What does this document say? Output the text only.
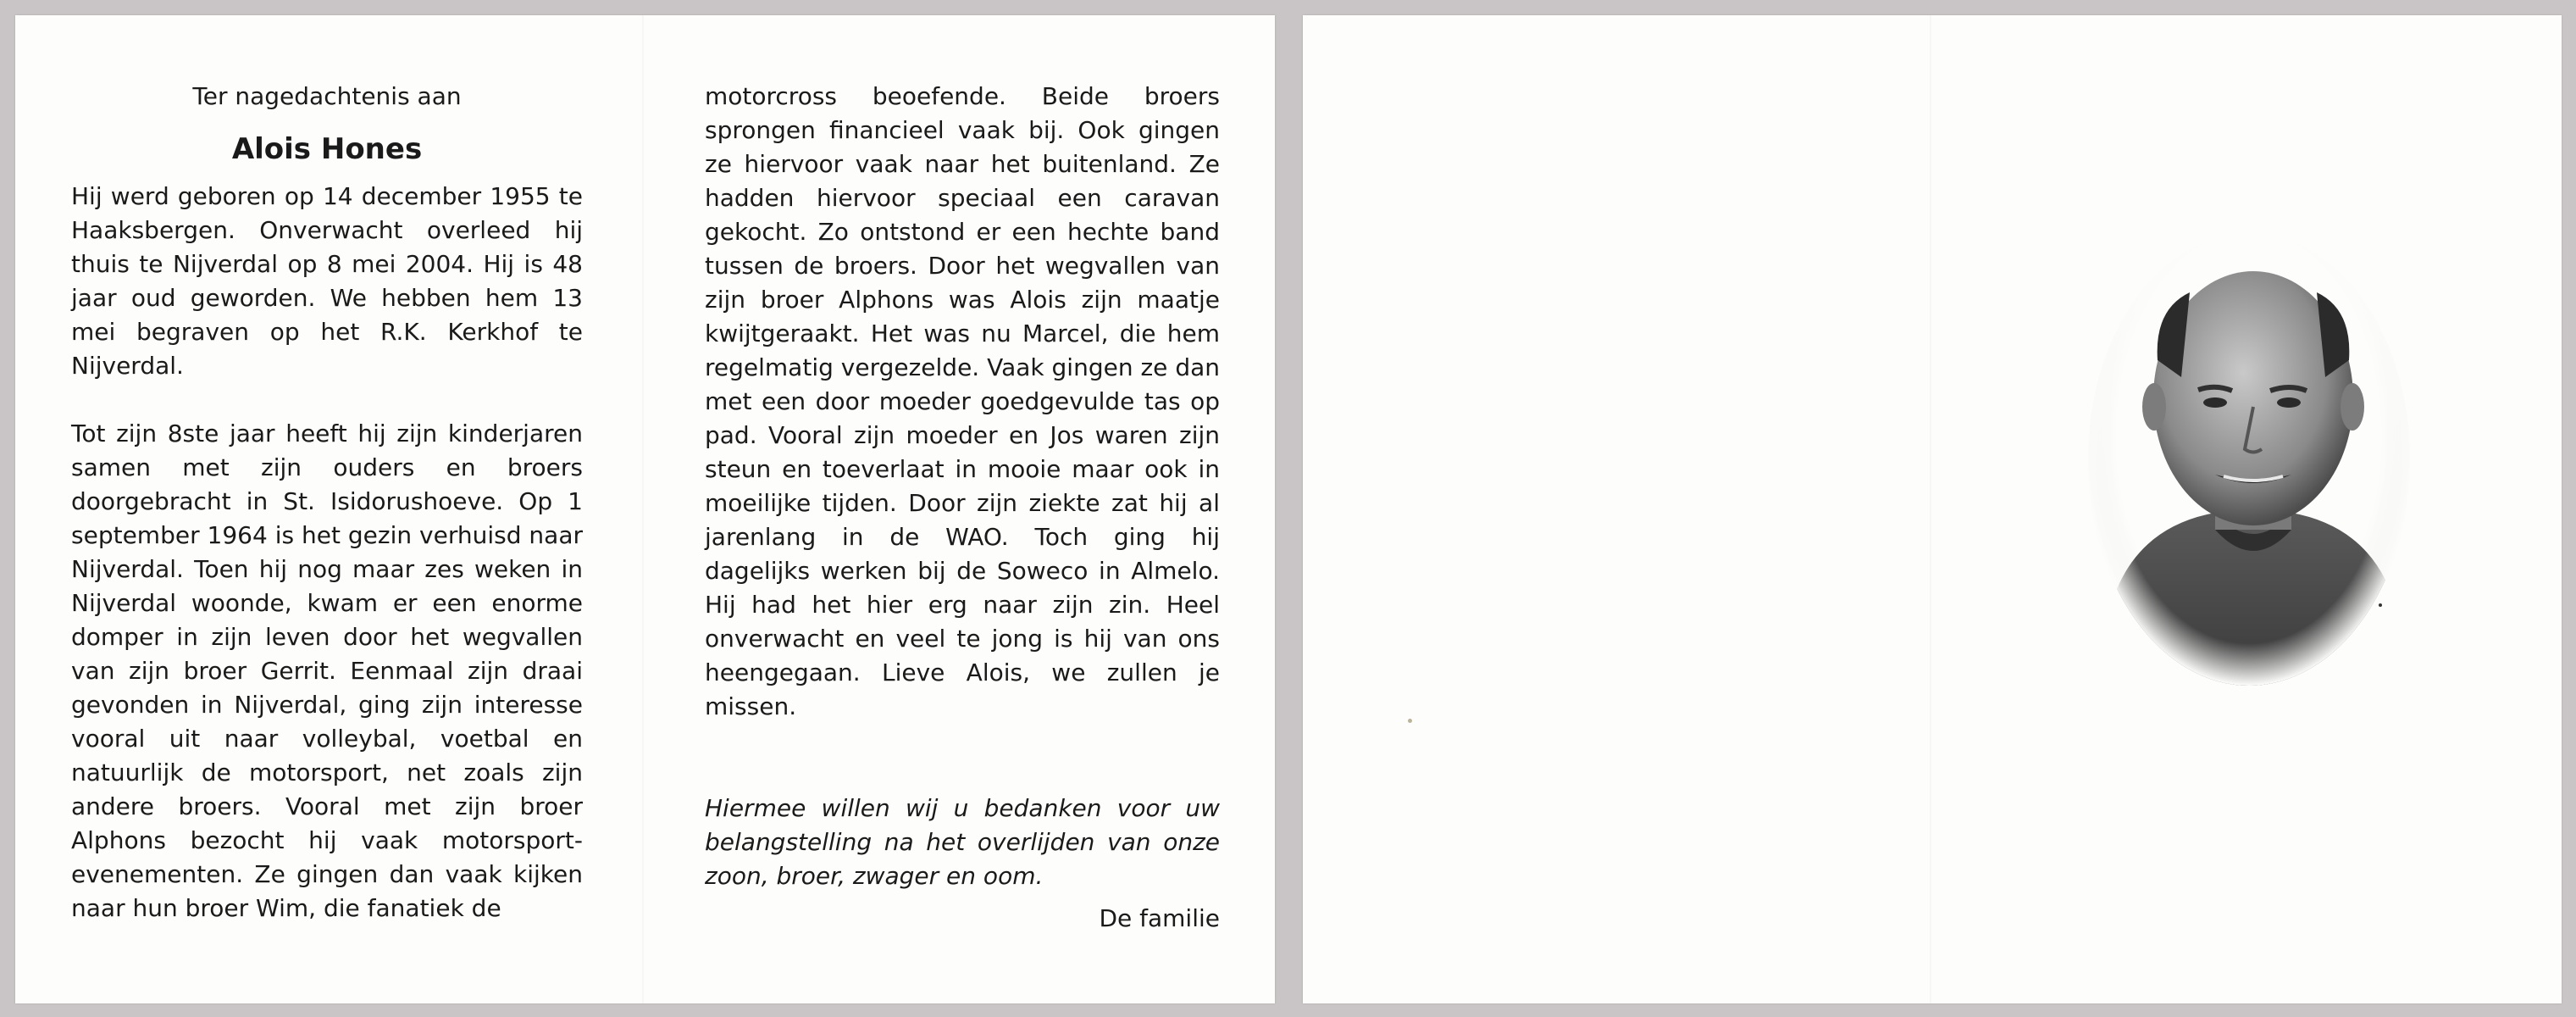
Ter nagedachtenis aan

Alois Hones

Hij werd geboren op 14 december 1955 te Haaksbergen. Onverwacht overleed hij thuis te Nijverdal op 8 mei 2004. Hij is 48 jaar oud geworden. We hebben hem 13 mei begraven op het R.K. Kerkhof te Nijverdal.

Tot zijn 8ste jaar heeft hij zijn kinderjaren samen met zijn ouders en broers doorgebracht in St. Isidorushoeve. Op 1 september 1964 is het gezin verhuisd naar Nijverdal. Toen hij nog maar zes weken in Nijverdal woonde, kwam er een enorme domper in zijn leven door het wegvallen van zijn broer Gerrit. Eenmaal zijn draai gevonden in Nijverdal, ging zijn interesse vooral uit naar volleybal, voetbal en natuurlijk de motorsport, net zoals zijn andere broers. Vooral met zijn broer Alphons bezocht hij vaak motorsportevenementen. Ze gingen dan vaak kijken naar hun broer Wim, die fanatiek de

motorcross beoefende. Beide broers sprongen financieel vaak bij. Ook gingen ze hiervoor vaak naar het buitenland. Ze hadden hiervoor speciaal een caravan gekocht. Zo ontstond er een hechte band tussen de broers. Door het wegvallen van zijn broer Alphons was Alois zijn maatje kwijtgeraakt. Het was nu Marcel, die hem regelmatig vergezelde. Vaak gingen ze dan met een door moeder goedgevulde tas op pad. Vooral zijn moeder en Jos waren zijn steun en toeverlaat in mooie maar ook in moeilijke tijden. Door zijn ziekte zat hij al jarenlang in de WAO. Toch ging hij dagelijks werken bij de Soweco in Almelo. Hij had het hier erg naar zijn zin. Heel onverwacht en veel te jong is hij van ons heengegaan. Lieve Alois, we zullen je missen.

Hiermee willen wij u bedanken voor uw belangstelling na het overlijden van onze zoon, broer, zwager en oom.

De familie
